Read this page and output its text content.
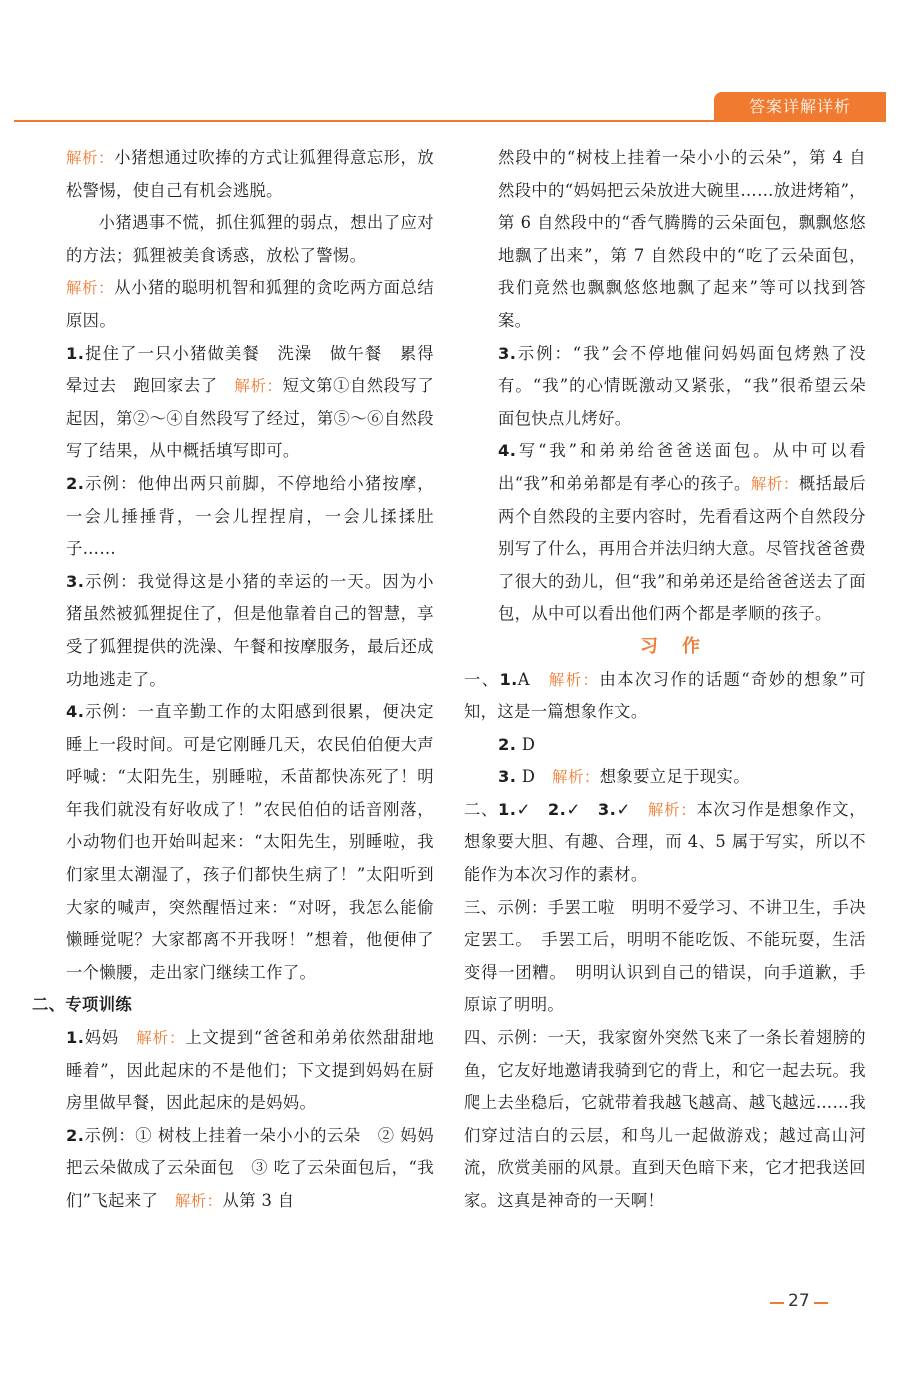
答案详解详析

解析：小猪想通过吹捧的方式让狐狸得意忘形，放松警惕，使自己有机会逃脱。

小猪遇事不慌，抓住狐狸的弱点，想出了应对的方法；狐狸被美食诱惑，放松了警惕。

解析：从小猪的聪明机智和狐狸的贪吃两方面总结原因。

1.捉住了一只小猪做美餐　洗澡　做午餐　累得晕过去　跑回家去了　解析：短文第①自然段写了起因，第②～④自然段写了经过，第⑤～⑥自然段写了结果，从中概括填写即可。

2.示例：他伸出两只前脚，不停地给小猪按摩，一会儿捶捶背，一会儿捏捏肩，一会儿揉揉肚子……

3.示例：我觉得这是小猪的幸运的一天。因为小猪虽然被狐狸捉住了，但是他靠着自己的智慧，享受了狐狸提供的洗澡、午餐和按摩服务，最后还成功地逃走了。

4.示例：一直辛勤工作的太阳感到很累，便决定睡上一段时间。可是它刚睡几天，农民伯伯便大声呼喊：“太阳先生，别睡啦，禾苗都快冻死了！明年我们就没有好收成了！”农民伯伯的话音刚落，小动物们也开始叫起来：“太阳先生，别睡啦，我们家里太潮湿了，孩子们都快生病了！”太阳听到大家的喊声，突然醒悟过来：“对呀，我怎么能偷懒睡觉呢？大家都离不开我呀！”想着，他便伸了一个懒腰，走出家门继续工作了。

二、专项训练

1.妈妈　解析：上文提到“爸爸和弟弟依然甜甜地睡着”，因此起床的不是他们；下文提到妈妈在厨房里做早餐，因此起床的是妈妈。

2.示例：① 树枝上挂着一朵小小的云朵　② 妈妈把云朵做成了云朵面包　③ 吃了云朵面包后，“我们”飞起来了　解析：从第 3 自

然段中的“树枝上挂着一朵小小的云朵”，第 4 自然段中的“妈妈把云朵放进大碗里……放进烤箱”，第 6 自然段中的“香气腾腾的云朵面包，飘飘悠悠地飘了出来”，第 7 自然段中的“吃了云朵面包，我们竟然也飘飘悠悠地飘了起来”等可以找到答案。

3.示例：“我”会不停地催问妈妈面包烤熟了没有。“我”的心情既激动又紧张，“我”很希望云朵面包快点儿烤好。

4.写“我”和弟弟给爸爸送面包。从中可以看出“我”和弟弟都是有孝心的孩子。解析：概括最后两个自然段的主要内容时，先看看这两个自然段分别写了什么，再用合并法归纳大意。尽管找爸爸费了很大的劲儿，但“我”和弟弟还是给爸爸送去了面包，从中可以看出他们两个都是孝顺的孩子。

习作

一、1.A　解析：由本次习作的话题“奇妙的想象”可知，这是一篇想象作文。

2. D

3. D　解析：想象要立足于现实。

二、1.✓　2.✓　3.✓　解析：本次习作是想象作文，想象要大胆、有趣、合理，而 4、5 属于写实，所以不能作为本次习作的素材。

三、示例：手罢工啦　明明不爱学习、不讲卫生，手决定罢工。　手罢工后，明明不能吃饭、不能玩耍，生活变得一团糟。　明明认识到自己的错误，向手道歉，手原谅了明明。

四、示例：一天，我家窗外突然飞来了一条长着翅膀的鱼，它友好地邀请我骑到它的背上，和它一起去玩。我爬上去坐稳后，它就带着我越飞越高、越飞越远……我们穿过洁白的云层，和鸟儿一起做游戏；越过高山河流，欣赏美丽的风景。直到天色暗下来，它才把我送回家。这真是神奇的一天啊！

27
